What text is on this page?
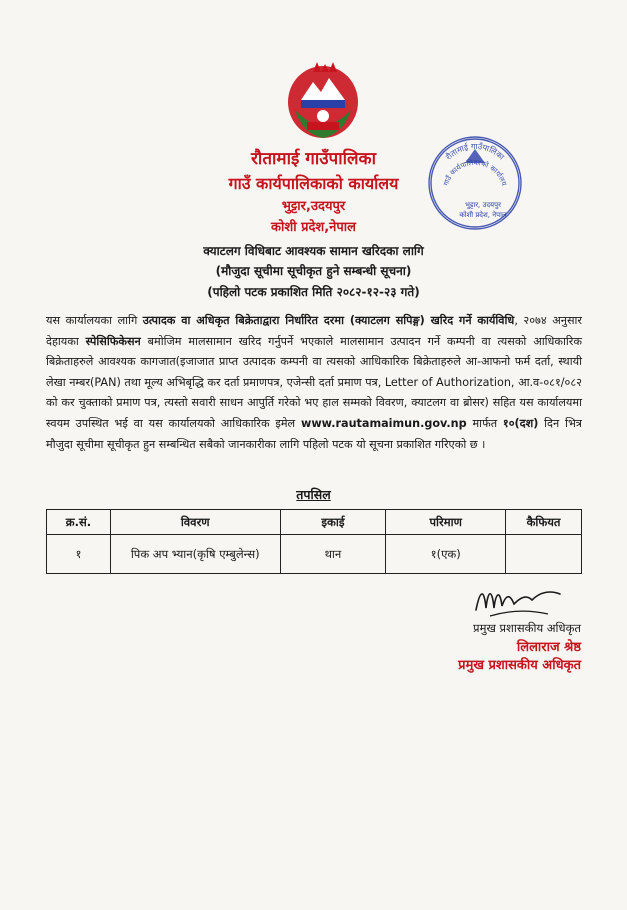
रौतामाई गाउँपालिका
गाउँ कार्यपालिकाको कार्यालय
भुट्टार,उदयपुर
कोशी प्रदेश,नेपाल
रौतामाई गाउँपालिका
गाउँ कार्यपालिकाको कार्यालय
भुट्टार, उदयपुर
कोशी प्रदेश, नेपाल
क्याटलग विधिबाट आवश्यक सामान खरिदका लागि
(मौजुदा सूचीमा सूचीकृत हुने सम्बन्धी सूचना)
(पहिलो पटक प्रकाशित मिति २०८२-१२-२३ गते)
यस कार्यालयका लागि उत्पादक वा अधिकृत बिक्रेताद्वारा निर्धारित दरमा (क्याटलग सपिङ्ग) खरिद गर्ने कार्यविधि, २०७४ अनुसार देहायका स्पेसिफिकेसन बमोजिम मालसामान खरिद गर्नुपर्ने भएकाले मालसामान उत्पादन गर्ने कम्पनी वा त्यसको आधिकारिक बिक्रेताहरुले आवश्यक कागजात(इजाजात प्राप्त उत्पादक कम्पनी वा त्यसको आधिकारिक बिक्रेताहरुले आ-आफनो फर्म दर्ता, स्थायी लेखा नम्बर(PAN) तथा मूल्य अभिबृद्धि कर दर्ता प्रमाणपत्र, एजेन्सी दर्ता प्रमाण पत्र, Letter of Authorization, आ.व-०८१/०८२ को कर चुक्ताको प्रमाण पत्र, त्यस्तो सवारी साधन आपुर्ति गरेको भए हाल सम्मको विवरण, क्याटलग वा ब्रोसर) सहित यस कार्यालयमा स्वयम उपस्थित भई वा यस कार्यालयको आधिकारिक इमेल www.rautamaimun.gov.np मार्फत १०(दश) दिन भित्र मौजुदा सूचीमा सूचीकृत हुन सम्बन्धित सबैको जानकारीका लागि पहिलो पटक यो सूचना प्रकाशित गरिएको छ ।
तपसिल
क्र.सं.	विवरण	इकाई	परिमाण	कैफियत
१	पिक अप भ्यान(कृषि एम्बुलेन्स)	थान	१(एक)	
प्रमुख प्रशासकीय अधिकृत
लिलाराज श्रेष्ठ
प्रमुख प्रशासकीय अधिकृत
